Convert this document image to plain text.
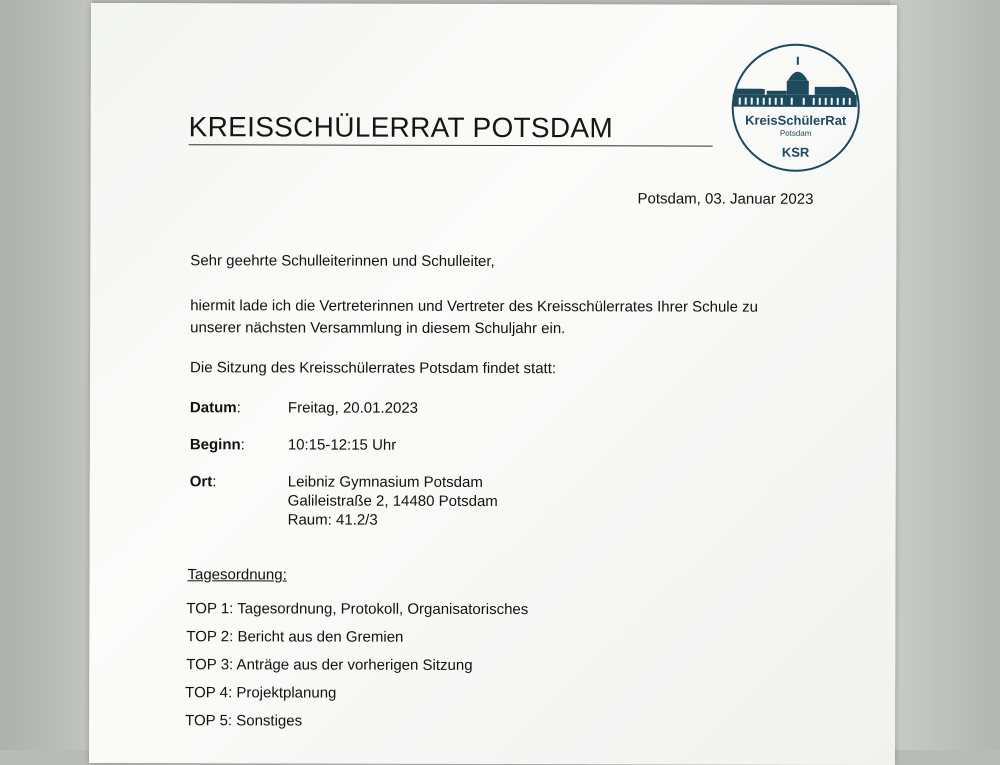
KREISSCHÜLERRAT POTSDAM	KreisSchülerRat
Potsdam
KSR
Potsdam, 03. Januar 2023
Sehr geehrte Schulleiterinnen und Schulleiter,
hiermit lade ich die Vertreterinnen und Vertreter des Kreisschülerrates Ihrer Schule zu
unserer nächsten Versammlung in diesem Schuljahr ein.
Die Sitzung des Kreisschülerrates Potsdam findet statt:
Datum:	Freitag, 20.01.2023
Beginn:	10:15-12:15 Uhr
Ort:	Leibniz Gymnasium Potsdam
Galileistraße 2, 14480 Potsdam
Raum: 41.2/3
Tagesordnung:
TOP 1: Tagesordnung, Protokoll, Organisatorisches
TOP 2: Bericht aus den Gremien
TOP 3: Anträge aus der vorherigen Sitzung
TOP 4: Projektplanung
TOP 5: Sonstiges
